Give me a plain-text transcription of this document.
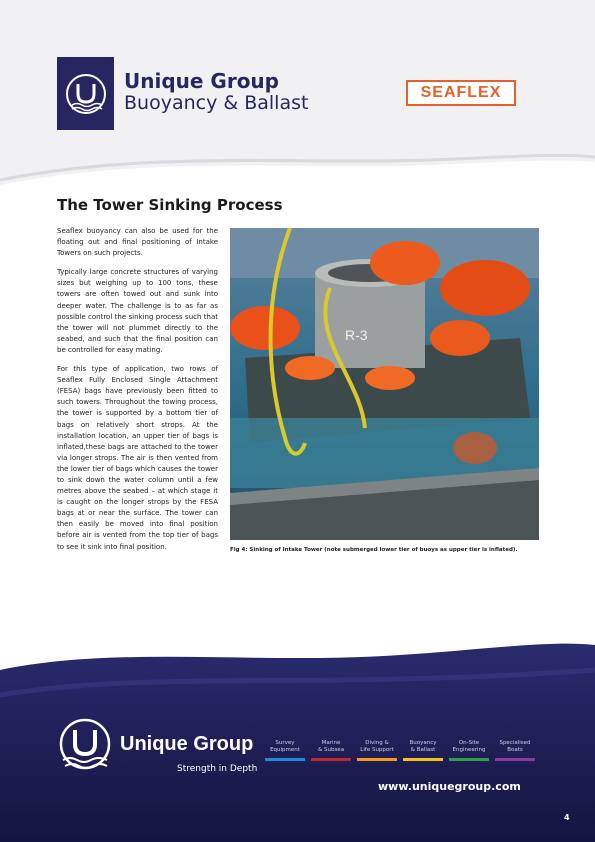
Unique Group

Buoyancy & Ballast	SEAFLEX
The Tower Sinking Process

Seaflex buoyancy can also be used for the floating out and final positioning of Intake Towers on such projects.

Typically large concrete structures of varying sizes but weighing up to 100 tons, these towers are often towed out and sunk into deeper water. The challenge is to as far as possible control the sinking process such that the tower will not plummet directly to the seabed, and such that the final position can be controlled for easy mating.

For this type of application, two rows of Seaflex Fully Enclosed Single Attachment (FESA) bags have previously been fitted to such towers. Throughout the towing process, the tower is supported by a bottom tier of bags on relatively short strops. At the installation location, an upper tier of bags is inflated,these bags are attached to the tower via longer strops. The air is then vented from the lower tier of bags which causes the tower to sink down the water column until a few metres above the seabed – at which stage it is caught on the longer strops by the FESA bags at or near the surface. The tower can then easily be moved into final position before air is vented from the top tier of bags to see it sink into final position.

R-3

Fig 4: Sinking of Intake Tower (note submerged lower tier of buoys as upper tier is inflated).

Unique Group

Strength in Depth

Survey
Equipment
Marine
& Subsea
Diving &
Life Support
Buoyancy
& Ballast
On-Site
Engineering
Specialised
Boats

www.uniquegroup.com

4
